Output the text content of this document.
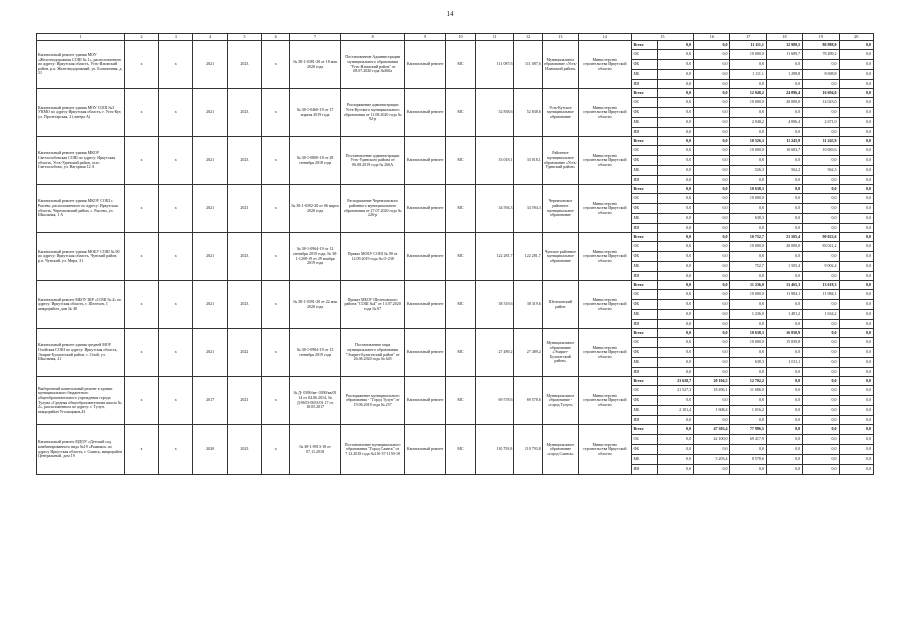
14
1	2	3	4	5	6	7	8	9	10	11	12	13	14	15		16	17	18	19	20
Капитальный ремонт здания МОУ «Железнодорожная СОШ № 1», расположенного по адресу: Иркутская область, Усть-Илимский район, р.п. Железнодорожный, ул. Больничная, д. 21	x	x	2021	2023	x	№ 38-1-0381-20 от 18 мая 2020 года	Постановление Администрации муниципального образования "Усть-Илимский район" от 08.07.2020 года №360а	Капитальный ремонт	МС	111 087,6	111 087,6	Муниципальное образование «Усть-Илимский район»	Министерство строительства Иркутской области	Всего	0,0	0,0	11 111,1	12 988,5	86 988,0	0,0
														ОБ	0,0	0,0	10 000,0	11 689,7	78 289,2	0,0
														ФБ	0,0	0,0	0,0	0,0	0,0	0,0
														МБ	0,0	0,0	1 111,1	1 298,8	8 698,8	0,0
														ИИ	0,0	0,0	0,0	0,0	0,0	0,0
Капитальный ремонт здания МОУ СОШ №3 УКМО по адресу Иркутская область, г. Усть-Кут, ул. Пролетарская, 2 (литера А)	x	x	2021	2023	x	№ 38-1-0460-19 от 17 апреля 2019 года	Распоряжение администрации Усть-Кутского муниципального образования от 11.08.2020 года № 92-р	Капитальный ремонт	МС	52 838,6	52 838,6	Усть-Кутское муниципальное образование	Министерство строительства Иркутской области	Всего	0,0	0,0	12 048,2	24 096,4	16 694,0	0,0
														ОБ	0,0	0,0	10 000,0	20 000,0	14 023,0	0,0
														ФБ	0,0	0,0	0,0	0,0	0,0	0,0
														МБ	0,0	0,0	2 048,2	4 096,4	2 671,0	0,0
														ИИ	0,0	0,0	0,0	0,0	0,0	0,0
Капитальный ремонт здания МКОУ Светлолобовская СОШ по адресу: Иркутская область, Усть-Удинский район, село Светлолобово, ул. Нагорная 12 А	x	x	2021	2023	x	№ 38-1-0800-18 от 28 сентября 2018 года	Постановление администрации Усть-Удинского района от 06.08.2019 года № 266А	Капитальный ремонт	МС	33 018,1	33 018,1	Районное муниципальное образование «Усть-Удинский район»	Министерство строительства Иркутской области	Всего	0,0	0,0	10 526,3	11 245,9	11 245,9	0,0
														ОБ	0,0	0,0	10 000,0	10 683,7	10 683,6	0,0
														ФБ	0,0	0,0	0,0	0,0	0,0	0,0
														МБ	0,0	0,0	526,3	562,2	562,3	0,0
														ИИ	0,0	0,0	0,0	0,0	0,0	0,0
Капитальный ремонт здания МКОУ СОШ с. Рысево, расположенного по адресу: Иркутская область, Черемховский район, с. Рысево, ул. Школьная, 1 А	x	x	2021	2021	x	№ 38-1-0392-20 от 06 марта 2020 года	Распоряжение Черемховского районного муниципального образования от 27.07.2020 года № 226-р	Капитальный ремонт	МС	34 594,3	34 594,3	Черемховское районное муниципальное образование	Министерство строительства Иркутской области	Всего	0,0	0,0	10 638,3	0,0	0,0	0,0
														ОБ	0,0	0,0	10 000,0	0,0	0,0	0,0
														ФБ	0,0	0,0	0,0	0,0	0,0	0,0
														МБ	0,0	0,0	638,3	0,0	0,0	0,0
														ИИ	0,0	0,0	0,0	0,0	0,0	0,0
Капитальный ремонт здания МОБУ СОШ № 90 по адресу: Иркутская область, Чунский район, р.п. Чунский, ул. Мира, 31	x	x	2021	2023	x	№ 38-1-0964-19 от 12 сентября 2019 года, № 38-1-1208-19 от 29 ноября 2019 года	Приказ МОБУ СОШ № 90 от 12.09.2019 года № О-238	Капитальный ремонт	МС	122 281,7	122 281,7	Чунское районное муниципальное образование	Министерство строительства Иркутской области	Всего	0,0	0,0	10 752,7	21 505,4	90 023,6	0,0
														ОБ	0,0	0,0	10 000,0	20 000,0	83 021,2	0,0
														ФБ	0,0	0,0	0,0	0,0	0,0	0,0
														МБ	0,0	0,0	752,7	1 505,4	9 002,4	0,0
														ИИ	0,0	0,0	0,0	0,0	0,0	0,0
Капитальный ремонт МБОУ ШР «СОШ № 4» по адресу: Иркутская область, г. Шелехов, 1 микрорайон, дом № 48	x	x	2021	2023	x	№ 38-1-0391-20 от 22 мая 2020 года	Приказ МБОУ Шелеховского района "СОШ №4" от 13.07.2020 года № 67	Капитальный ремонт	МС	38 319,6	38 319,6	Шелеховский район	Министерство строительства Иркутской области	Всего	0,0	0,0	11 236,0	13 465,3	13 618,3	0,0
														ОБ	0,0	0,0	10 000,0	11 984,1	11 984,1	0,0
														ФБ	0,0	0,0	0,0	0,0	0,0	0,0
														МБ	0,0	0,0	1 236,0	1 481,2	1 634,2	0,0
														ИИ	0,0	0,0	0,0	0,0	0,0	0,0
Капитальный ремонт здания средней МОУ Олойская СОШ по адресу: Иркутская область, Эхирит-Булагатский район, с. Олой, ул. Школьная, 21	x	x	2021	2022	x	№ 38-1-0984-19 от 13 сентября 2019 года	Постановление мэра муниципального образования "Эхирит-Булагатский район" от 26.06.2020 года № 645	Капитальный ремонт	МС	27 489,2	27 489,2	Муниципальное образование «Эхирит-Булагатский район»	Министерство строительства Иркутской области	Всего	0,0	0,0	10 638,3	16 850,9	0,0	0,0
														ОБ	0,0	0,0	10 000,0	15 839,8	0,0	0,0
														ФБ	0,0	0,0	0,0	0,0	0,0	0,0
														МБ	0,0	0,0	638,3	1 011,1	0,0	0,0
														ИИ	0,0	0,0	0,0	0,0	0,0	0,0
Выборочный капитальный ремонт в здании муниципального бюджетного общеобразовательного учреждения города Тулуна «Средняя общеобразовательная школа № 2», расположенном по адресу: г. Тулун, микрорайон Угольщиков,43	x	x	2017	2021	x	№ Д- 0390/кв- 0390/кв/01 14 от 04.06.2014, № Д-0653-0653/01.17 от 18.05.2017	Распоряжение муниципального образования - "Город Тулун" от 19.06.2018 года № 257	Капитальный ремонт	МС	69 578,6	69 578,6	Муниципальное образование - «город Тулун»	Министерство строительства Иркутской области	Всего	23 628,7	20 104,5	12 702,2	0,0	0,0	0,0
														ОБ	21 527,3	18 496,1	11 686,0	0,0	0,0	0,0
														ФБ	0,0	0,0	0,0	0,0	0,0	0,0
														МБ	2 101,4	1 608,4	1 016,2	0,0	0,0	0,0
														ИИ	0,0	0,0	0,0	0,0	0,0	0,0
Капитальный ремонт МДОУ «Детский сад комбинированного вида №19 «Рыжики» по адресу Иркутская область, г. Саянск, микрорайон Центральный, дом 19	x	x	2020	2023	x	№ 38-1-0913-18 от 07.11.2018	Постановление муниципального образования "Город Саянск" от 7.12.2018 года №110-37-1150-18	Капитальный ремонт	МС	110 793,8	110 793,8	Муниципальное образование «город Саянск»	Министерство строительства Иркутской области	Всего	0,0	47 303,4	77 996,5	0,0	0,0	0,0
														ОБ	0,0	42 100,0	69 417,9	0,0	0,0	0,0
														ФБ	0,0	0,0	0,0	0,0	0,0	0,0
														МБ	0,0	5 203,4	8 578,6	0,0	0,0	0,0
														ИИ	0,0	0,0	0,0	0,0	0,0	0,0
